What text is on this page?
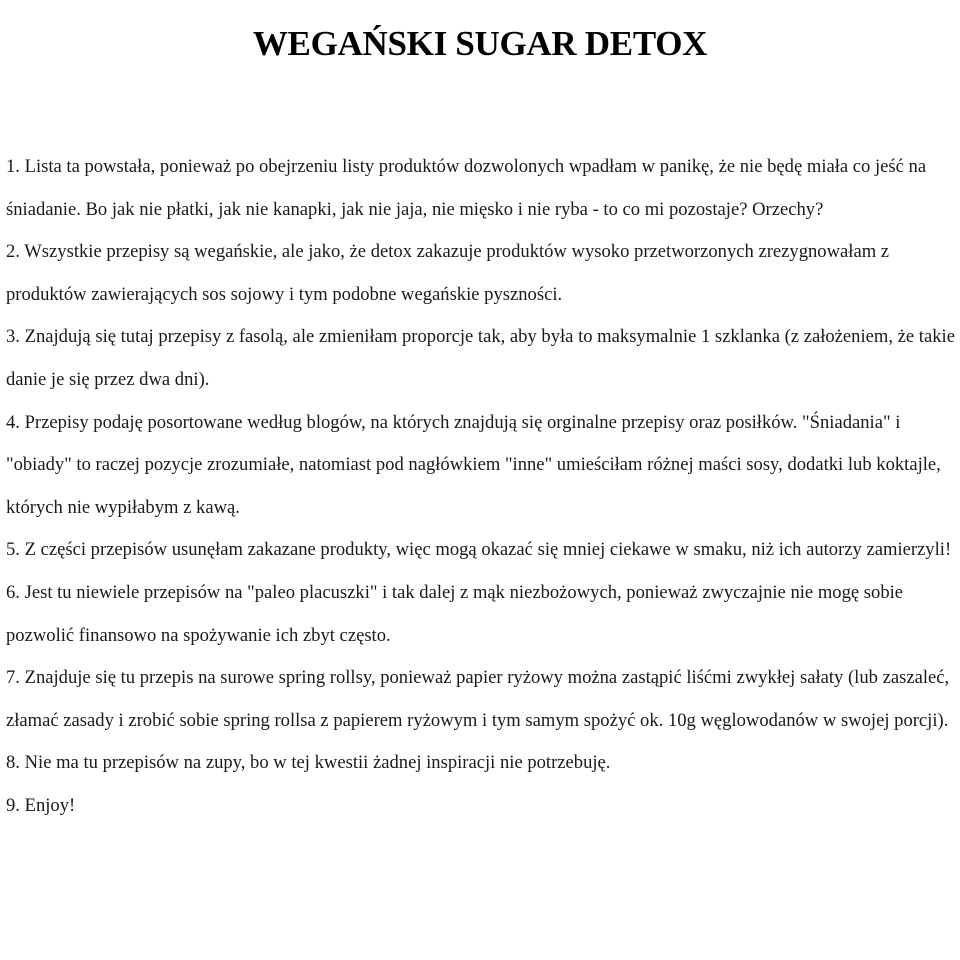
WEGAŃSKI SUGAR DETOX
1. Lista ta powstała, ponieważ po obejrzeniu listy produktów dozwolonych wpadłam w panikę, że nie będę miała co jeść na śniadanie. Bo jak nie płatki, jak nie kanapki, jak nie jaja, nie mięsko i nie ryba - to co mi pozostaje? Orzechy?
2. Wszystkie przepisy są wegańskie, ale jako, że detox zakazuje produktów wysoko przetworzonych zrezygnowałam z produktów zawierających sos sojowy i tym podobne wegańskie pyszności.
3. Znajdują się tutaj przepisy z fasolą, ale zmieniłam proporcje tak, aby była to maksymalnie 1 szklanka (z założeniem, że takie danie je się przez dwa dni).
4. Przepisy podaję posortowane według blogów, na których znajdują się orginalne przepisy oraz posiłków. "Śniadania" i "obiady" to raczej pozycje zrozumiałe, natomiast pod nagłówkiem "inne" umieściłam różnej maści sosy, dodatki lub koktajle, których nie wypiłabym z kawą.
5. Z części przepisów usunęłam zakazane produkty, więc mogą okazać się mniej ciekawe w smaku, niż ich autorzy zamierzyli!
6. Jest tu niewiele przepisów na "paleo placuszki" i tak dalej z mąk niezbożowych, ponieważ zwyczajnie nie mogę sobie pozwolić finansowo na spożywanie ich zbyt często.
7. Znajduje się tu przepis na surowe spring rollsy, ponieważ papier ryżowy można zastąpić liśćmi zwykłej sałaty (lub zaszaleć, złamać zasady i zrobić sobie spring rollsa z papierem ryżowym i tym samym spożyć ok. 10g węglowodanów w swojej porcji).
8. Nie ma tu przepisów na zupy, bo w tej kwestii żadnej inspiracji nie potrzebuję.
9. Enjoy!
